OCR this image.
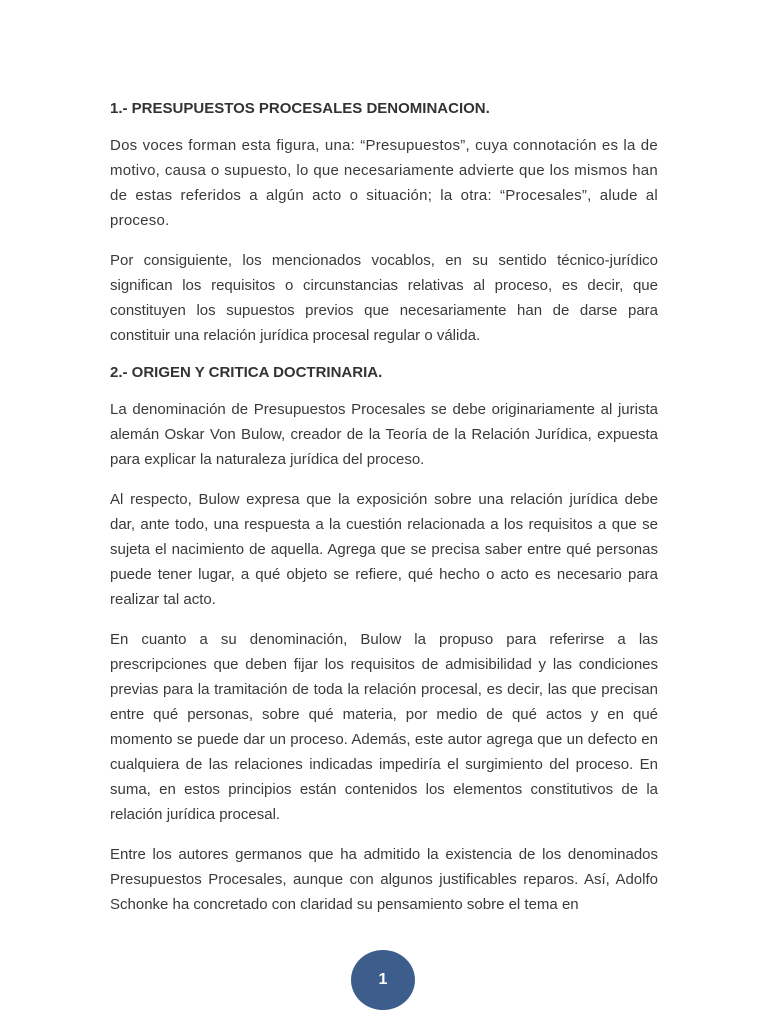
1.- PRESUPUESTOS PROCESALES DENOMINACION.

Dos voces forman esta figura, una: “Presupuestos”, cuya connotación es la de motivo, causa o supuesto, lo que necesariamente advierte que los mismos han de estas referidos a algún acto o situación; la otra: “Procesales”, alude al proceso.

Por consiguiente, los mencionados vocablos, en su sentido técnico-jurídico significan los requisitos o circunstancias relativas al proceso, es decir, que constituyen los supuestos previos que necesariamente han de darse para constituir una relación jurídica procesal regular o válida.

2.- ORIGEN Y CRITICA DOCTRINARIA.

La denominación de Presupuestos Procesales se debe originariamente al jurista alemán Oskar Von Bulow, creador de la Teoría de la Relación Jurídica, expuesta para explicar la naturaleza jurídica del proceso.

Al respecto, Bulow expresa que la exposición sobre una relación jurídica debe dar, ante todo, una respuesta a la cuestión relacionada a los requisitos a que se sujeta el nacimiento de aquella. Agrega que se precisa saber entre qué personas puede tener lugar, a qué objeto se refiere, qué hecho o acto es necesario para realizar tal acto.

En cuanto a su denominación, Bulow la propuso para referirse a las prescripciones que deben fijar los requisitos de admisibilidad y las condiciones previas para la tramitación de toda la relación procesal, es decir, las que precisan entre qué personas, sobre qué materia, por medio de qué actos y en qué momento se puede dar un proceso. Además, este autor agrega que un defecto en cualquiera de las relaciones indicadas impediría el surgimiento del proceso. En suma, en estos principios están contenidos los elementos constitutivos de la relación jurídica procesal.

Entre los autores germanos que ha admitido la existencia de los denominados Presupuestos Procesales, aunque con algunos justificables reparos. Así, Adolfo Schonke ha concretado con claridad su pensamiento sobre el tema en

1
